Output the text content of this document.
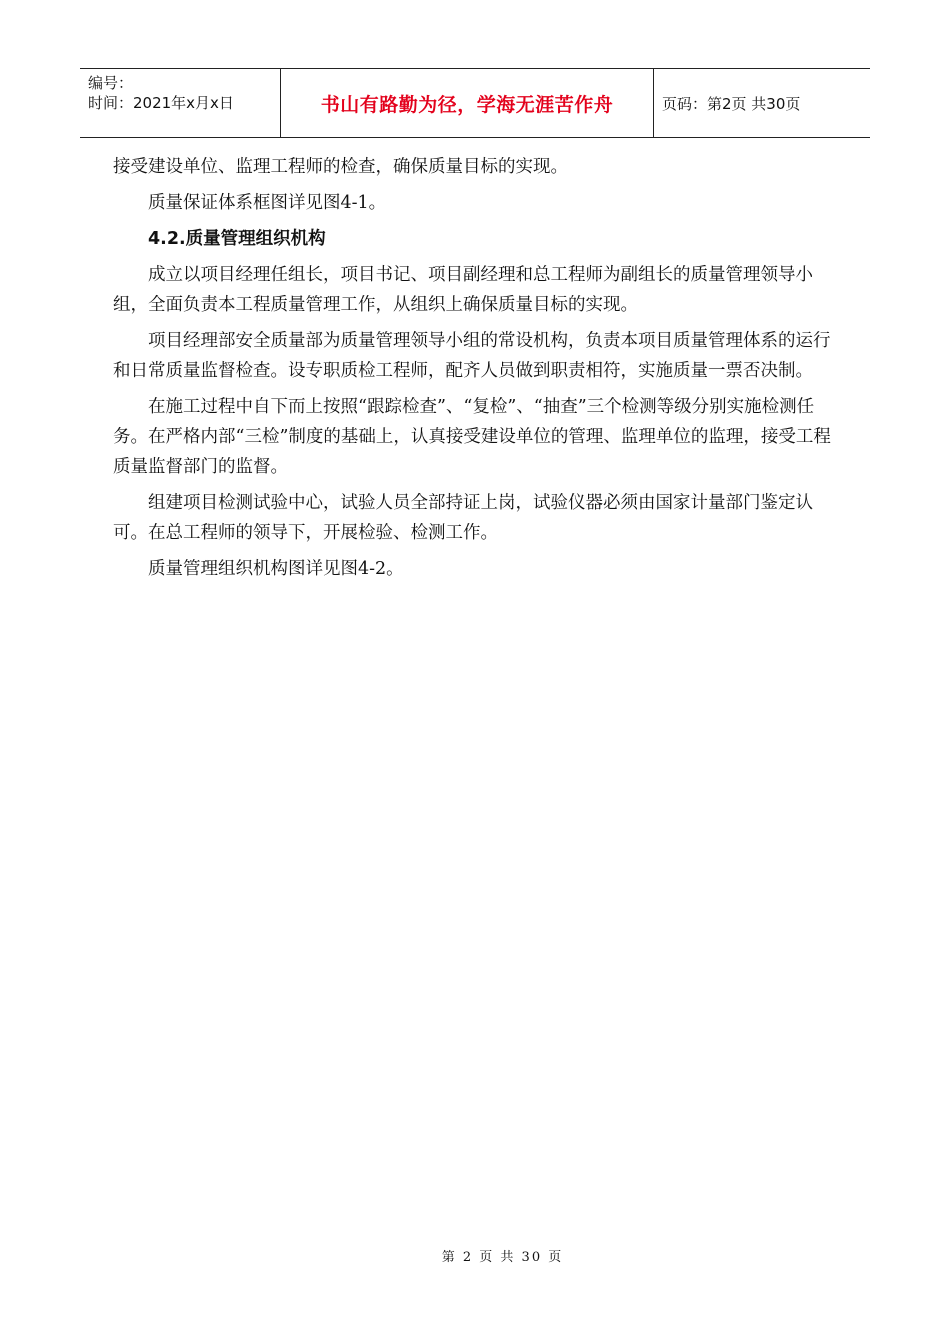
编号：
时间：2021年x月x日	书山有路勤为径，学海无涯苦作舟	页码：第2页 共30页

接受建设单位、监理工程师的检查，确保质量目标的实现。

质量保证体系框图详见图4-1。

4.2.质量管理组织机构

成立以项目经理任组长，项目书记、项目副经理和总工程师为副组长的质量管理领导小组，全面负责本工程质量管理工作，从组织上确保质量目标的实现。

项目经理部安全质量部为质量管理领导小组的常设机构，负责本项目质量管理体系的运行和日常质量监督检查。设专职质检工程师，配齐人员做到职责相符，实施质量一票否决制。

在施工过程中自下而上按照“跟踪检查”、“复检”、“抽查”三个检测等级分别实施检测任务。在严格内部“三检”制度的基础上，认真接受建设单位的管理、监理单位的监理，接受工程质量监督部门的监督。

组建项目检测试验中心，试验人员全部持证上岗，试验仪器必须由国家计量部门鉴定认可。在总工程师的领导下，开展检验、检测工作。

质量管理组织机构图详见图4-2。

第 2 页 共 30 页
